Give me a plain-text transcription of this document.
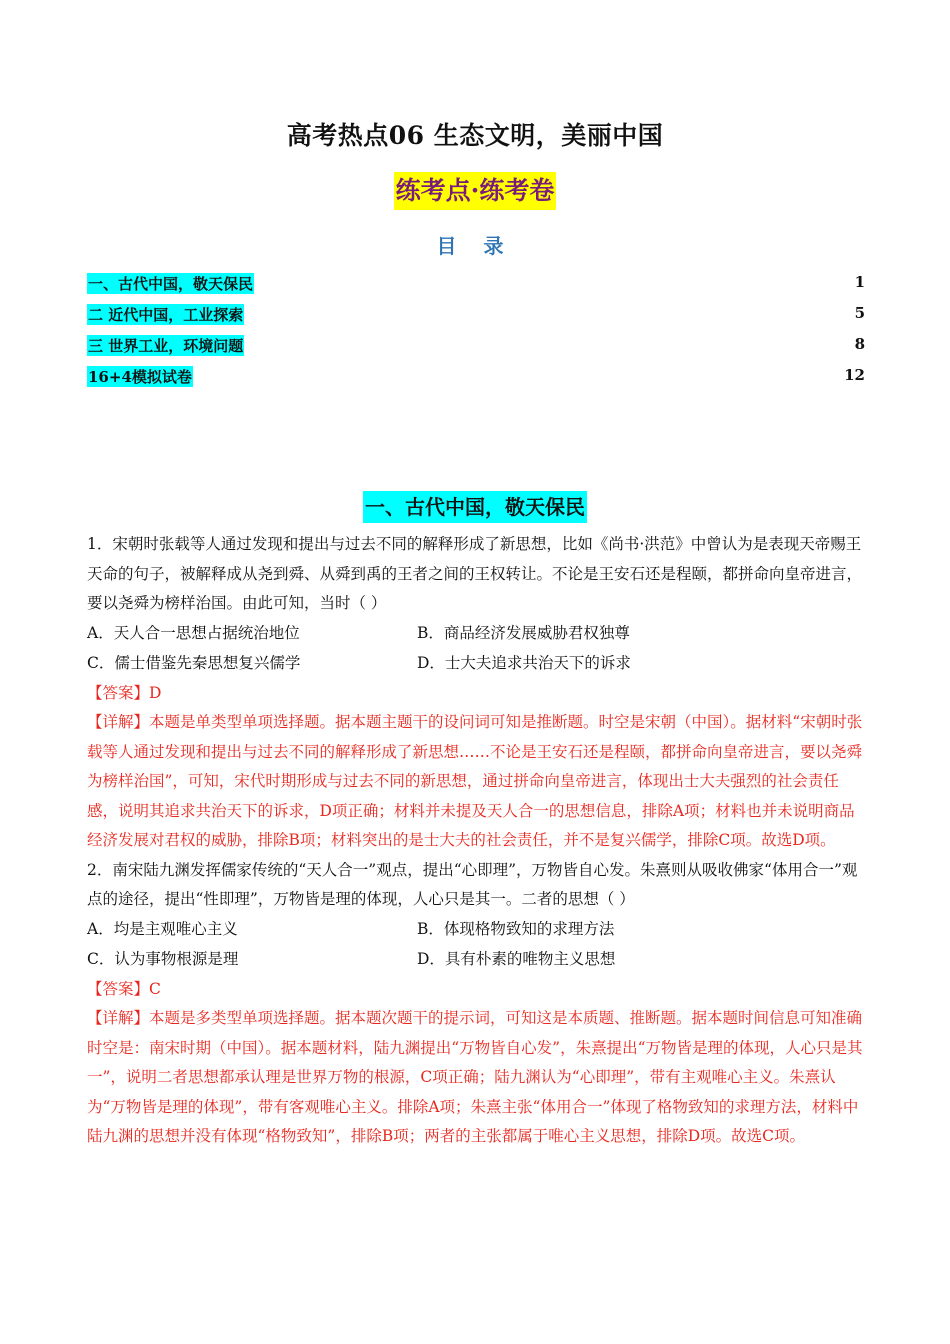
高考热点06 生态文明，美丽中国
练考点·练考卷
目 录
一、古代中国，敬天保民	1
二 近代中国，工业探索	5
三 世界工业，环境问题	8
16+4模拟试卷	12
一、古代中国，敬天保民

1．宋朝时张载等人通过发现和提出与过去不同的解释形成了新思想，比如《尚书·洪范》中曾认为是表现天帝赐王天命的句子，被解释成从尧到舜、从舜到禹的王者之间的王权转让。不论是王安石还是程颐，都拼命向皇帝进言，要以尧舜为榜样治国。由此可知，当时（ ）

A．天人合一思想占据统治地位	B．商品经济发展威胁君权独尊
C．儒士借鉴先秦思想复兴儒学	D．士大夫追求共治天下的诉求

【答案】D

【详解】本题是单类型单项选择题。据本题主题干的设问词可知是推断题。时空是宋朝（中国）。据材料“宋朝时张载等人通过发现和提出与过去不同的解释形成了新思想……不论是王安石还是程颐，都拼命向皇帝进言，要以尧舜为榜样治国”，可知，宋代时期形成与过去不同的新思想，通过拼命向皇帝进言，体现出士大夫强烈的社会责任感，说明其追求共治天下的诉求，D项正确；材料并未提及天人合一的思想信息，排除A项；材料也并未说明商品经济发展对君权的威胁，排除B项；材料突出的是士大夫的社会责任，并不是复兴儒学，排除C项。故选D项。

2．南宋陆九渊发挥儒家传统的“天人合一”观点，提出“心即理”，万物皆自心发。朱熹则从吸收佛家“体用合一”观点的途径，提出“性即理”，万物皆是理的体现，人心只是其一。二者的思想（ ）

A．均是主观唯心主义	B．体现格物致知的求理方法
C．认为事物根源是理	D．具有朴素的唯物主义思想

【答案】C

【详解】本题是多类型单项选择题。据本题次题干的提示词，可知这是本质题、推断题。据本题时间信息可知准确时空是：南宋时期（中国）。据本题材料，陆九渊提出“万物皆自心发”，朱熹提出“万物皆是理的体现，人心只是其一”，说明二者思想都承认理是世界万物的根源，C项正确；陆九渊认为“心即理”，带有主观唯心主义。朱熹认为“万物皆是理的体现”，带有客观唯心主义。排除A项；朱熹主张“体用合一”体现了格物致知的求理方法，材料中陆九渊的思想并没有体现“格物致知”，排除B项；两者的主张都属于唯心主义思想，排除D项。故选C项。
